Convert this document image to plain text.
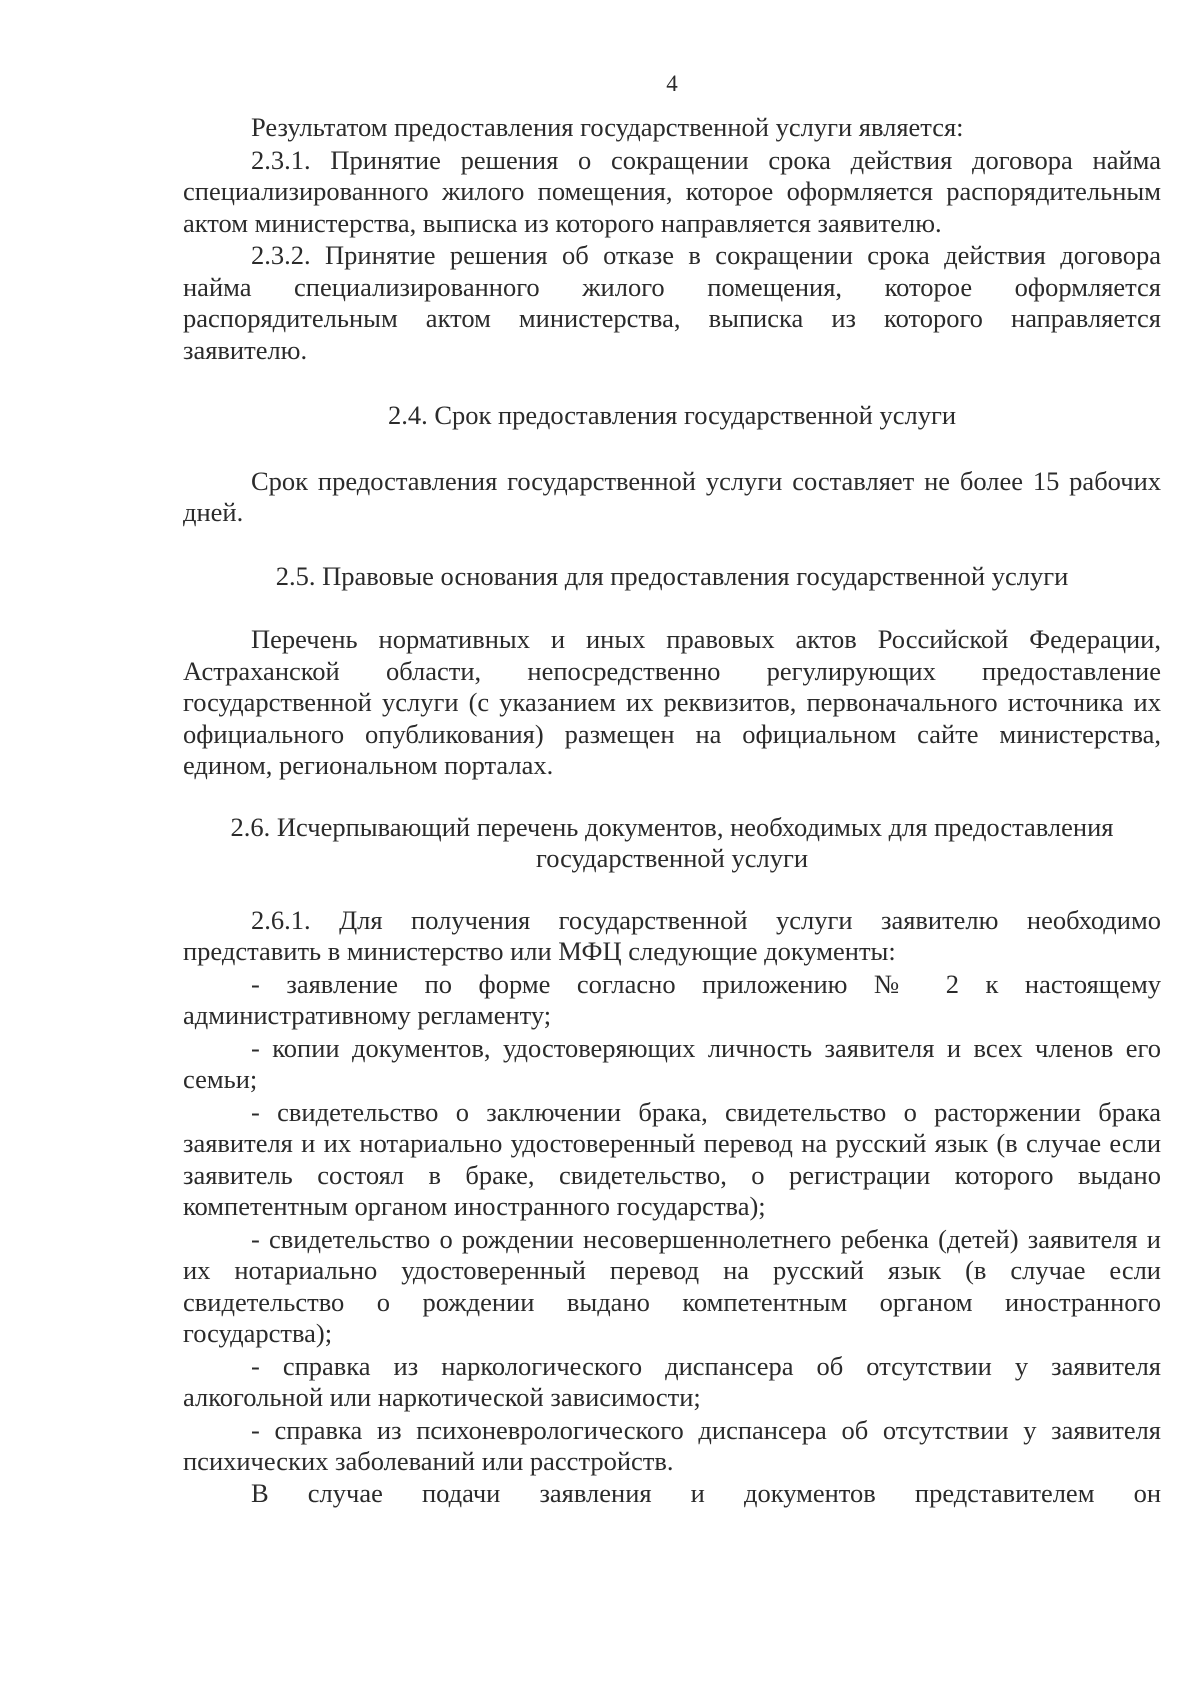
4

Результатом предоставления государственной услуги является:

2.3.1. Принятие решения о сокращении срока действия договора найма специализированного жилого помещения, которое оформляется распорядительным актом министерства, выписка из которого направляется заявителю.

2.3.2. Принятие решения об отказе в сокращении срока действия договора найма специализированного жилого помещения, которое оформляется распорядительным актом министерства, выписка из которого направляется заявителю.

2.4. Срок предоставления государственной услуги

Срок предоставления государственной услуги составляет не более 15 рабочих дней.

2.5. Правовые основания для предоставления государственной услуги

Перечень нормативных и иных правовых актов Российской Федерации, Астраханской области, непосредственно регулирующих предоставление государственной услуги (с указанием их реквизитов, первоначального источника их официального опубликования) размещен на официальном сайте министерства, едином, региональном порталах.

2.6. Исчерпывающий перечень документов, необходимых для предоставления
государственной услуги

2.6.1. Для получения государственной услуги заявителю необходимо представить в министерство или МФЦ следующие документы:

- заявление по форме согласно приложению № 2 к настоящему административному регламенту;

- копии документов, удостоверяющих личность заявителя и всех членов его семьи;

- свидетельство о заключении брака, свидетельство о расторжении брака заявителя и их нотариально удостоверенный перевод на русский язык (в случае если заявитель состоял в браке, свидетельство, о регистрации которого выдано компетентным органом иностранного государства);

- свидетельство о рождении несовершеннолетнего ребенка (детей) заявителя и их нотариально удостоверенный перевод на русский язык (в случае если свидетельство о рождении выдано компетентным органом иностранного государства);

- справка из наркологического диспансера об отсутствии у заявителя алкогольной или наркотической зависимости;

- справка из психоневрологического диспансера об отсутствии у заявителя психических заболеваний или расстройств.

В случае подачи заявления и документов представителем он
